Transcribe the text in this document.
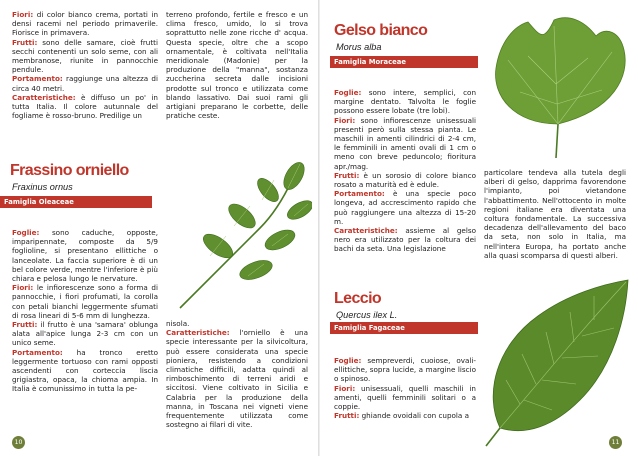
Fiori: di color bianco crema, portati in densi racemi nel periodo primaverile. Fiorisce in primavera.

Frutti: sono delle samare, cioè frutti secchi contenenti un solo seme, con ali membranose, riunite in pannocchie pendule.

Portamento: raggiunge una altezza di circa 40 metri.

Caratteristiche: è diffuso un po' in tutta Italia. Il colore autunnale del fogliame è rosso-bruno. Predilige un

terreno profondo, fertile e fresco e un clima fresco, umido, lo si trova soprattutto nelle zone ricche d' acqua. Questa specie, oltre che a scopo ornamentale, è coltivata nell'Italia meridionale (Madonie) per la produzione della "manna", sostanza zuccherina secreta dalle incisioni prodotte sul tronco e utilizzata come blando lassativo. Dai suoi rami gli artigiani preparano le corbette, delle pratiche ceste.

Frassino orniello
Fraxinus ornus
Famiglia Oleaceae

Foglie: sono caduche, opposte, imparipennate, composte da 5/9 foglioline, si presentano ellittiche o lanceolate. La faccia superiore è di un bel colore verde, mentre l'inferiore è più chiara e pelosa lungo le nervature.

Fiori: le infiorescenze sono a forma di pannocchie, i fiori profumati, la corolla con petali bianchi leggermente sfumati di rosa lineari di 5-6 mm di lunghezza.

Frutti: il frutto è una 'samara' oblunga alata all'apice lunga 2-3 cm con un unico seme.

Portamento: ha tronco eretto leggermente tortuoso con rami opposti ascendenti con corteccia liscia grigiastra, opaca, la chioma ampia. In Italia è comunissimo in tutta la pe-

nisola.

Caratteristiche: l'orniello è una specie interessante per la silvicoltura, può essere considerata una specie pioniera, resistendo a condizioni climatiche difficili, adatta quindi al rimboschimento di terreni aridi e siccitosi. Viene coltivato in Sicilia e Calabria per la produzione della manna, in Toscana nei vigneti viene frequentemente utilizzata come sostegno ai filari di vite.

10
Gelso bianco
Morus alba
Famiglia Moraceae

Foglie: sono intere, semplici, con margine dentato. Talvolta le foglie possono essere lobate (tre lobi).

Fiori: sono infiorescenze unisessuali presenti però sulla stessa pianta. Le maschili in amenti cilindrici di 2-4 cm, le femminili in amenti ovali di 1 cm o meno con breve peduncolo; fioritura apr./mag.

Frutti: è un sorosio di colore bianco rosato a maturità ed è edule.

Portamento: è una specie poco longeva, ad accrescimento rapido che può raggiungere una altezza di 15-20 m.

Caratteristiche: assieme al gelso nero era utilizzato per la coltura dei bachi da seta. Una legislazione

particolare tendeva alla tutela degli alberi di gelso, dapprima favorendone l'impianto, poi vietandone l'abbattimento. Nell'ottocento in molte regioni italiane era diventata una coltura fondamentale. La successiva decadenza dell'allevamento del baco da seta, non solo in Italia, ma nell'intera Europa, ha portato anche alla quasi scomparsa di questi alberi.

Leccio
Quercus ilex L.
Famiglia Fagaceae

Foglie: sempreverdi, cuoiose, ovali-ellittiche, sopra lucide, a margine liscio o spinoso.

Fiori: unisessuali, quelli maschili in amenti, quelli femminili solitari o a coppie.

Frutti: ghiande ovoidali con cupola a

11
